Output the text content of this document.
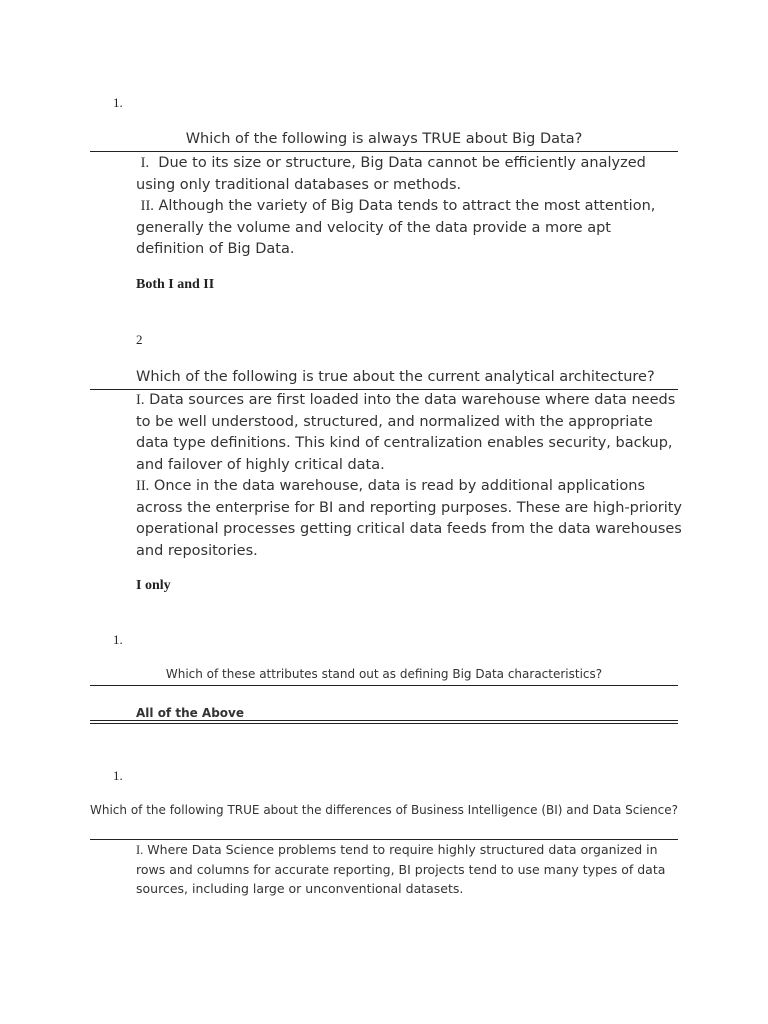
1.
Which of the following is always TRUE about Big Data?
I. Due to its size or structure, Big Data cannot be efficiently analyzed using only traditional databases or methods.
II. Although the variety of Big Data tends to attract the most attention, generally the volume and velocity of the data provide a more apt definition of Big Data.
Both I and II
2
Which of the following is true about the current analytical architecture?
I. Data sources are first loaded into the data warehouse where data needs to be well understood, structured, and normalized with the appropriate data type definitions. This kind of centralization enables security, backup, and failover of highly critical data.
II. Once in the data warehouse, data is read by additional applications across the enterprise for BI and reporting purposes. These are high-priority operational processes getting critical data feeds from the data warehouses and repositories.
I only
1.
Which of these attributes stand out as defining Big Data characteristics?
All of the Above
1.
Which of the following TRUE about the differences of Business Intelligence (BI) and Data Science?
I. Where Data Science problems tend to require highly structured data organized in rows and columns for accurate reporting, BI projects tend to use many types of data sources, including large or unconventional datasets.
